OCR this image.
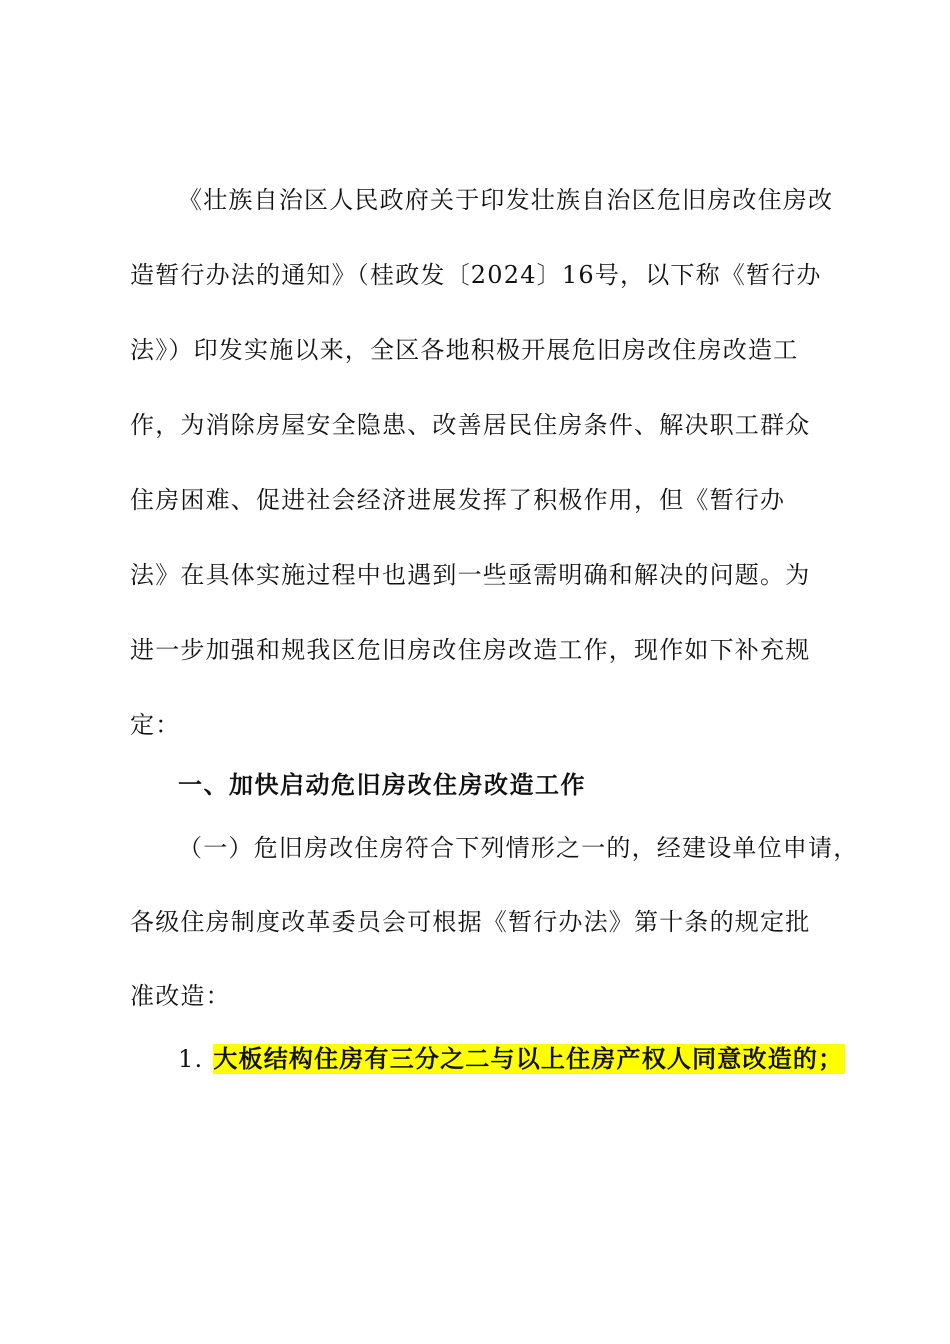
《壮族自治区人民政府关于印发壮族自治区危旧房改住房改
造暂行办法的通知》（桂政发〔2024〕16号，以下称《暂行办
法》）印发实施以来，全区各地积极开展危旧房改住房改造工
作，为消除房屋安全隐患、改善居民住房条件、解决职工群众
住房困难、促进社会经济进展发挥了积极作用，但《暂行办
法》在具体实施过程中也遇到一些亟需明确和解决的问题。为
进一步加强和规我区危旧房改住房改造工作，现作如下补充规
定：
一、加快启动危旧房改住房改造工作
（一）危旧房改住房符合下列情形之一的，经建设单位申请，
各级住房制度改革委员会可根据《暂行办法》第十条的规定批
准改造：
1. 大板结构住房有三分之二与以上住房产权人同意改造的；
